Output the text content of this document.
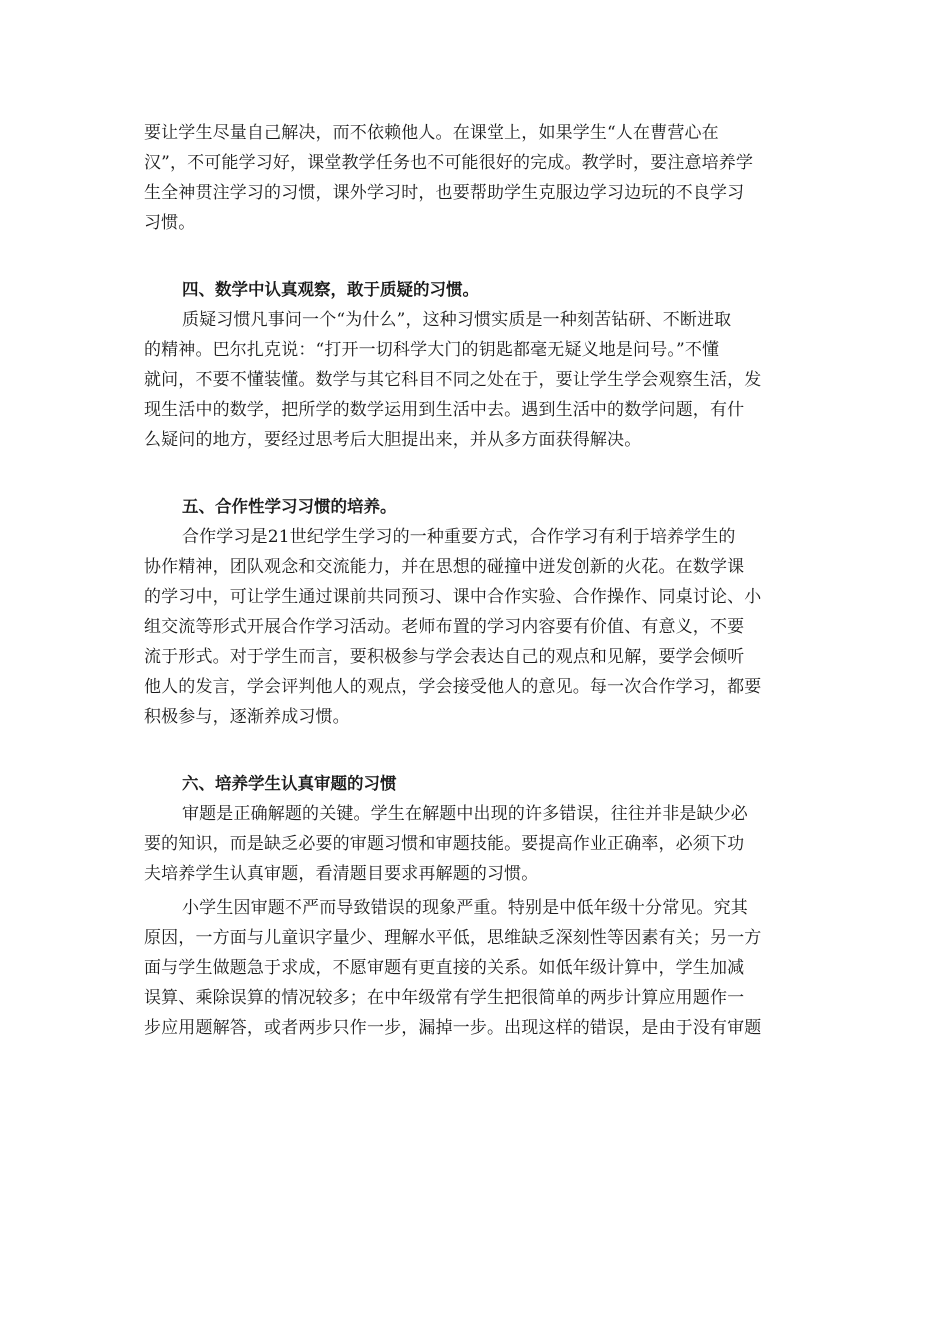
要让学生尽量自己解决，而不依赖他人。在课堂上，如果学生“人在曹营心在
汉”，不可能学习好，课堂教学任务也不可能很好的完成。教学时，要注意培养学
生全神贯注学习的习惯，课外学习时，也要帮助学生克服边学习边玩的不良学习
习惯。
四、数学中认真观察，敢于质疑的习惯。
质疑习惯凡事问一个“为什么”，这种习惯实质是一种刻苦钻研、不断进取
的精神。巴尔扎克说：“打开一切科学大门的钥匙都毫无疑义地是问号。”不懂
就问，不要不懂装懂。数学与其它科目不同之处在于，要让学生学会观察生活，发
现生活中的数学，把所学的数学运用到生活中去。遇到生活中的数学问题，有什
么疑问的地方，要经过思考后大胆提出来，并从多方面获得解决。
五、合作性学习习惯的培养。
合作学习是21世纪学生学习的一种重要方式，合作学习有利于培养学生的
协作精神，团队观念和交流能力，并在思想的碰撞中迸发创新的火花。在数学课
的学习中，可让学生通过课前共同预习、课中合作实验、合作操作、同桌讨论、小
组交流等形式开展合作学习活动。老师布置的学习内容要有价值、有意义，不要
流于形式。对于学生而言，要积极参与学会表达自己的观点和见解，要学会倾听
他人的发言，学会评判他人的观点，学会接受他人的意见。每一次合作学习，都要
积极参与，逐渐养成习惯。
六、培养学生认真审题的习惯
审题是正确解题的关键。学生在解题中出现的许多错误，往往并非是缺少必
要的知识，而是缺乏必要的审题习惯和审题技能。要提高作业正确率，必须下功
夫培养学生认真审题，看清题目要求再解题的习惯。
小学生因审题不严而导致错误的现象严重。特别是中低年级十分常见。究其
原因，一方面与儿童识字量少、理解水平低，思维缺乏深刻性等因素有关；另一方
面与学生做题急于求成，不愿审题有更直接的关系。如低年级计算中，学生加减
误算、乘除误算的情况较多；在中年级常有学生把很简单的两步计算应用题作一
步应用题解答，或者两步只作一步，漏掉一步。出现这样的错误，是由于没有审题
